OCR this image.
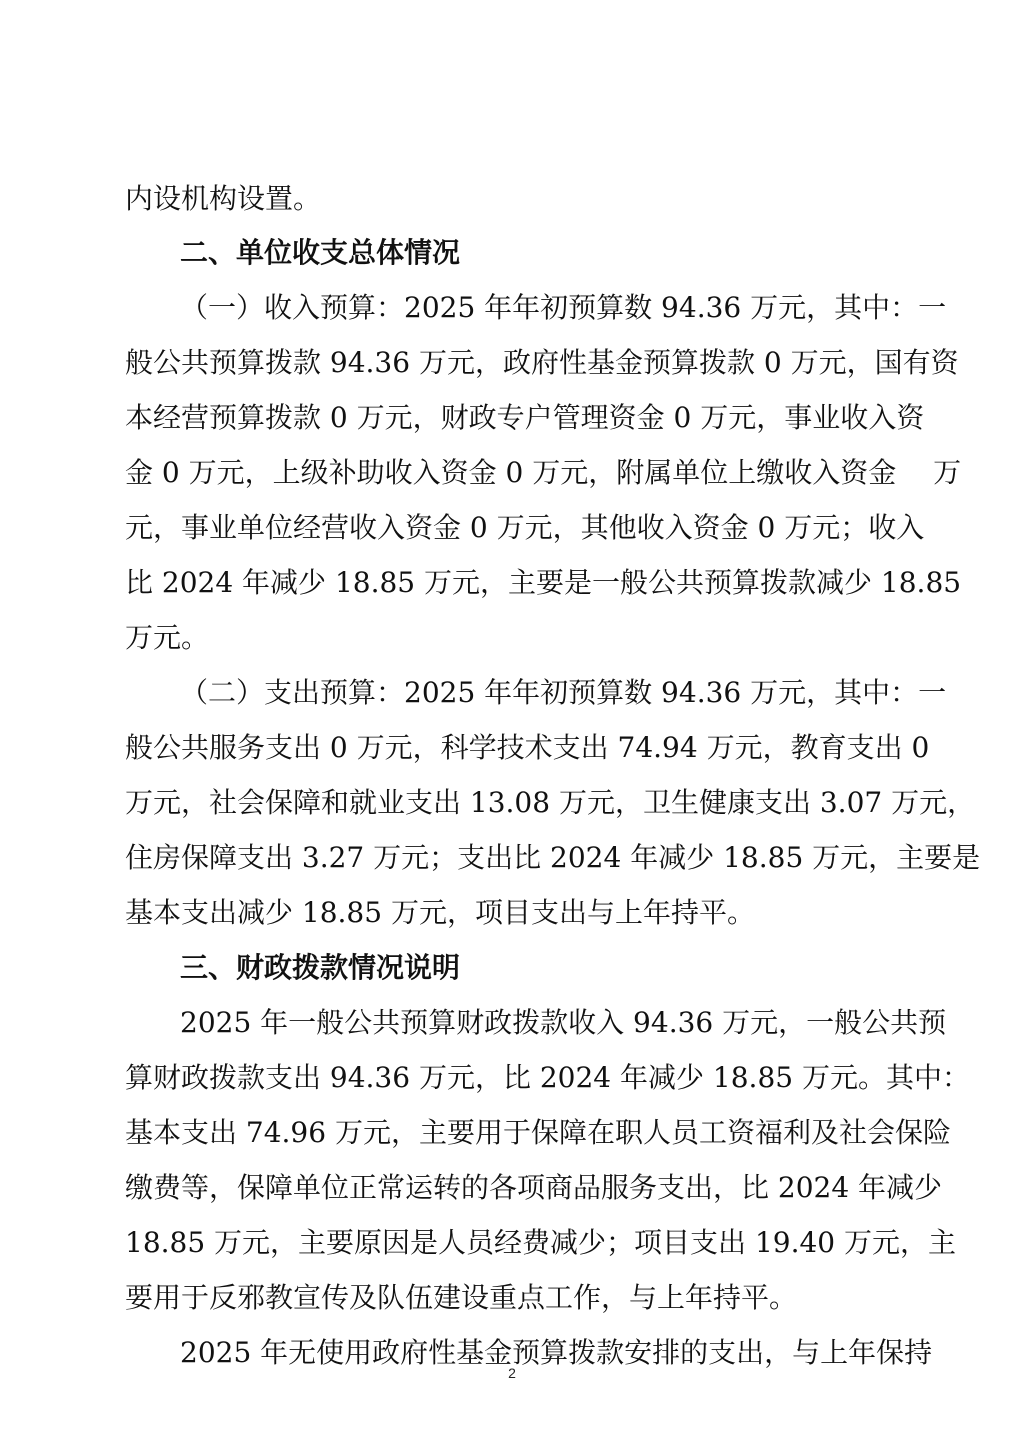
内设机构设置。
二、单位收支总体情况
（一）收入预算：2025 年年初预算数 94.36 万元，其中：一
般公共预算拨款 94.36 万元，政府性基金预算拨款 0 万元，国有资
本经营预算拨款 0 万元，财政专户管理资金 0 万元，事业收入资
金 0 万元，上级补助收入资金 0 万元，附属单位上缴收入资金　 万
元，事业单位经营收入资金 0 万元，其他收入资金 0 万元；收入
比 2024 年减少 18.85 万元，主要是一般公共预算拨款减少 18.85
万元。
（二）支出预算：2025 年年初预算数 94.36 万元，其中：一
般公共服务支出 0 万元，科学技术支出 74.94 万元，教育支出 0
万元，社会保障和就业支出 13.08 万元，卫生健康支出 3.07 万元，
住房保障支出 3.27 万元；支出比 2024 年减少 18.85 万元，主要是
基本支出减少 18.85 万元，项目支出与上年持平。
三、财政拨款情况说明
2025 年一般公共预算财政拨款收入 94.36 万元，一般公共预
算财政拨款支出 94.36 万元，比 2024 年减少 18.85 万元。其中：
基本支出 74.96 万元，主要用于保障在职人员工资福利及社会保险
缴费等，保障单位正常运转的各项商品服务支出，比 2024 年减少
18.85 万元，主要原因是人员经费减少；项目支出 19.40 万元，主
要用于反邪教宣传及队伍建设重点工作，与上年持平。
2025 年无使用政府性基金预算拨款安排的支出，与上年保持
2
